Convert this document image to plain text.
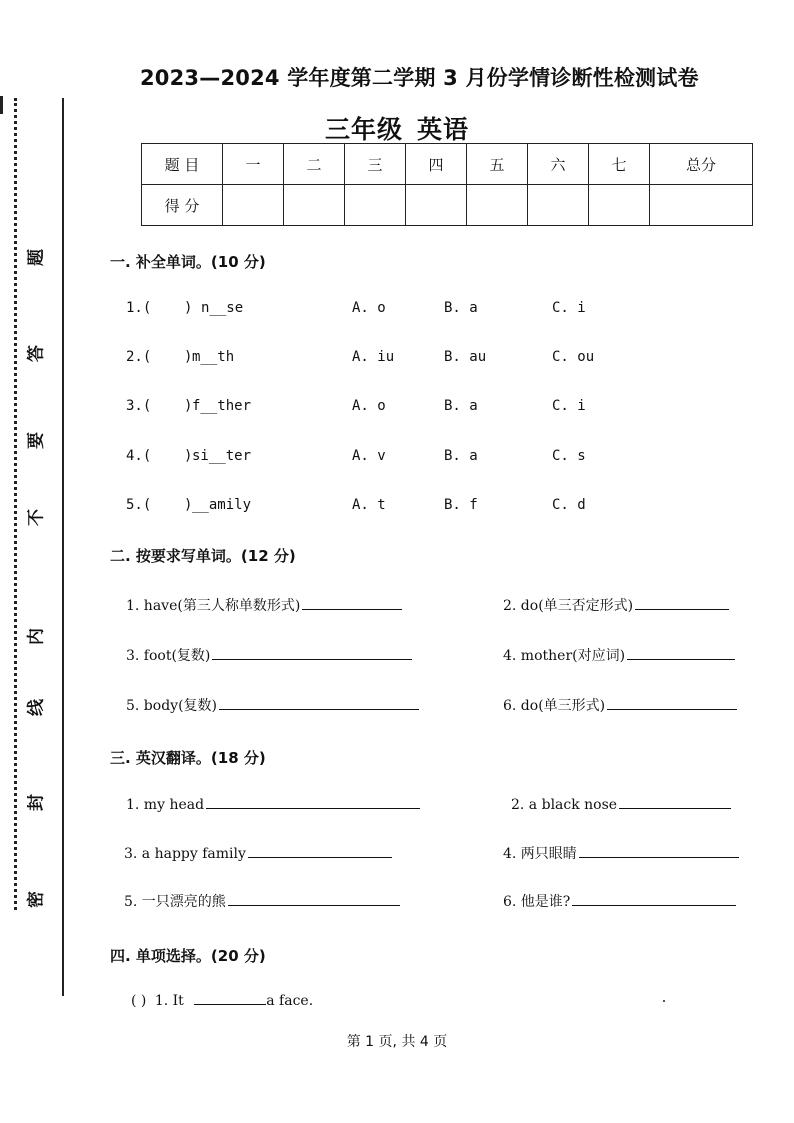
题
答
要
不
内
线
封
密
2023—2024 学年度第二学期 3 月份学情诊断性检测试卷
三年级 英语
题 目	一	二	三	四	五	六	七	总分
得 分								
一. 补全单词。(10 分)
1.( ) n__se	A. o	B. a	C. i
2.( ) m__th	A. iu	B. au	C. ou
3.( ) f__ther	A. o	B. a	C. i
4.( ) si__ter	A. v	B. a	C. s
5.( ) __amily	A. t	B. f	C. d
二. 按要求写单词。(12 分)
1. have(第三人称单数形式)	2. do(单三否定形式)
3. foot(复数)	4. mother(对应词)
5. body(复数)	6. do(单三形式)
三. 英汉翻译。(18 分)
1. my head	2. a black nose
3. a happy family	4. 两只眼睛
5. 一只漂亮的熊	6. 他是谁?
四. 单项选择。(20 分)
( ) 1. It	a face.
第 1 页, 共 4 页
